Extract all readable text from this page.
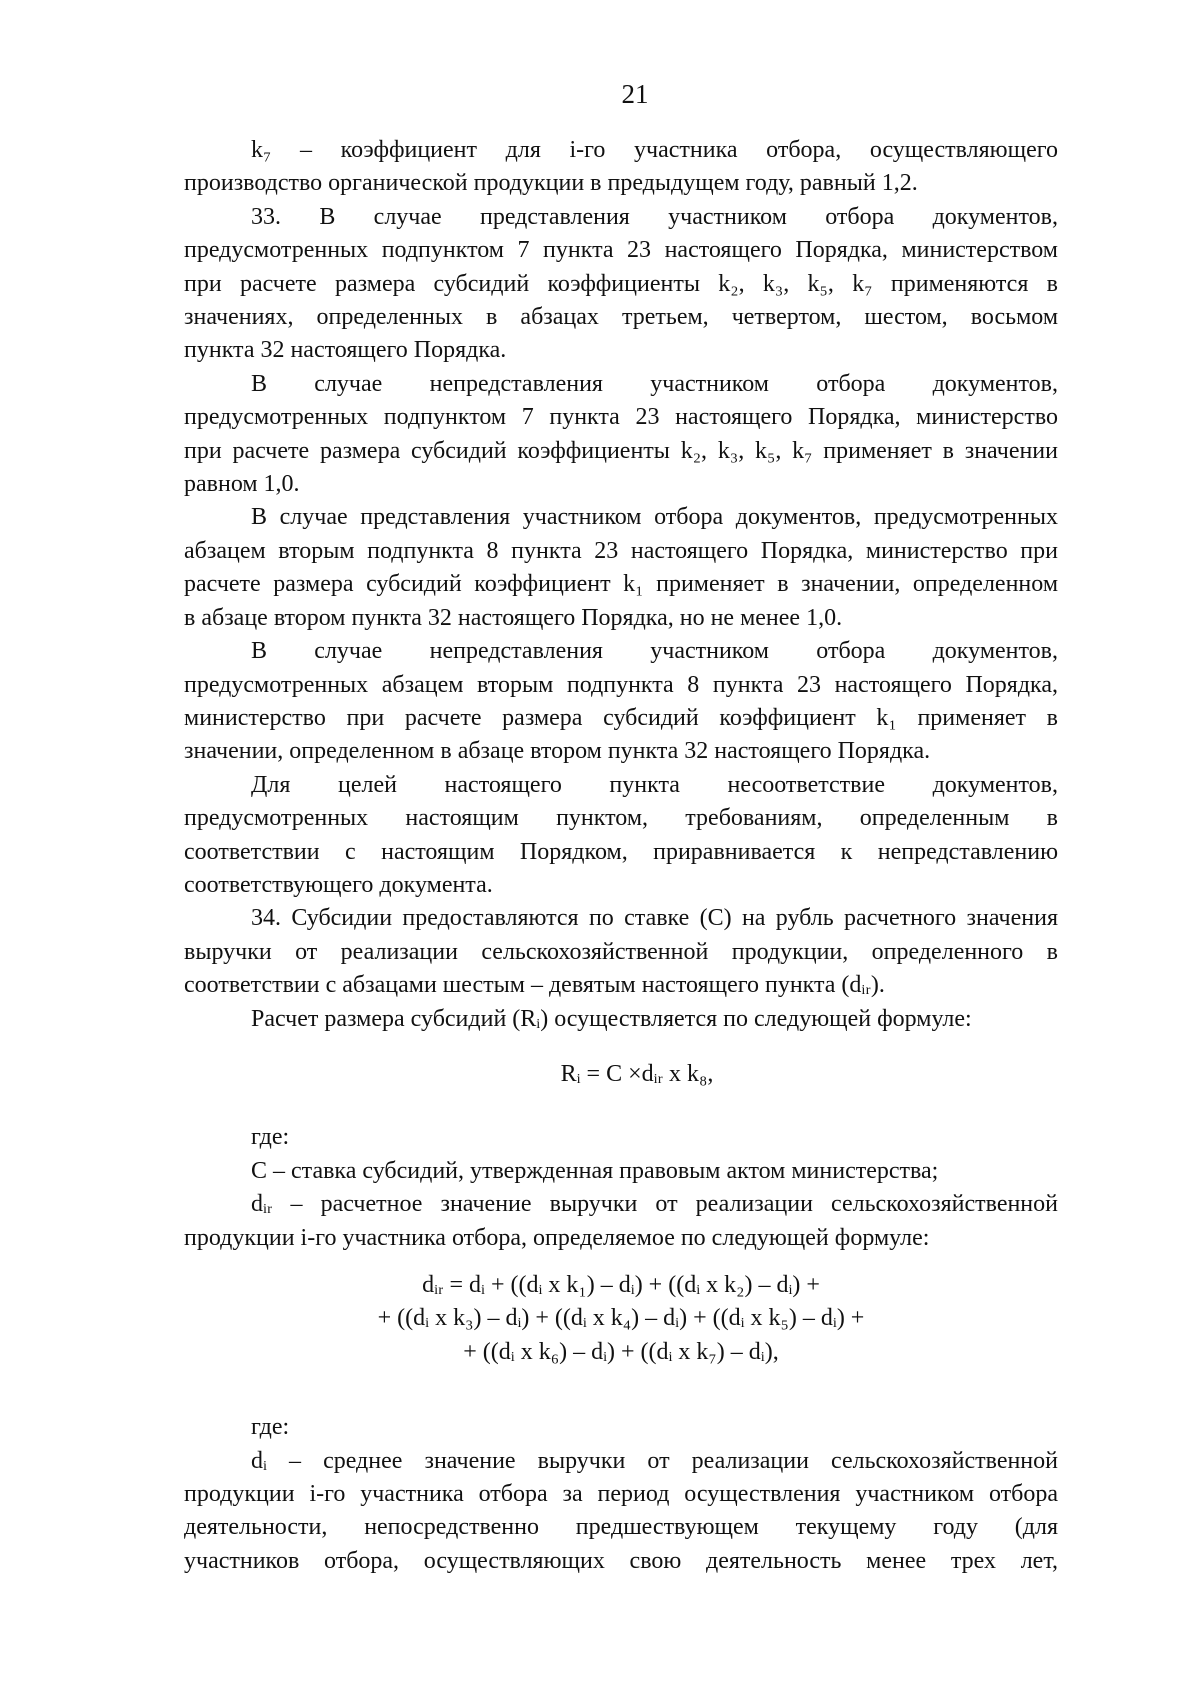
21
k₇ – коэффициент для i-го участника отбора, осуществляющего
производство органической продукции в предыдущем году, равный 1,2.
33. В случае представления участником отбора документов,
предусмотренных подпунктом 7 пункта 23 настоящего Порядка, министерством
при расчете размера субсидий коэффициенты k₂, k₃, k₅, k₇ применяются в
значениях, определенных в абзацах третьем, четвертом, шестом, восьмом
пункта 32 настоящего Порядка.
В случае непредставления участником отбора документов,
предусмотренных подпунктом 7 пункта 23 настоящего Порядка, министерство
при расчете размера субсидий коэффициенты k₂, k₃, k₅, k₇ применяет в значении
равном 1,0.
В случае представления участником отбора документов, предусмотренных
абзацем вторым подпункта 8 пункта 23 настоящего Порядка, министерство при
расчете размера субсидий коэффициент k₁ применяет в значении, определенном
в абзаце втором пункта 32 настоящего Порядка, но не менее 1,0.
В случае непредставления участником отбора документов,
предусмотренных абзацем вторым подпункта 8 пункта 23 настоящего Порядка,
министерство при расчете размера субсидий коэффициент k₁ применяет в
значении, определенном в абзаце втором пункта 32 настоящего Порядка.
Для целей настоящего пункта несоответствие документов,
предусмотренных настоящим пунктом, требованиям, определенным в
соответствии с настоящим Порядком, приравнивается к непредставлению
соответствующего документа.
34. Субсидии предоставляются по ставке (С) на рубль расчетного значения
выручки от реализации сельскохозяйственной продукции, определенного в
соответствии с абзацами шестым – девятым настоящего пункта (dᵢᵣ).
Расчет размера субсидий (Rᵢ) осуществляется по следующей формуле:
Rᵢ = С ×dᵢᵣ х k₈,
где:
С – ставка субсидий, утвержденная правовым актом министерства;
dᵢᵣ – расчетное значение выручки от реализации сельскохозяйственной
продукции i-го участника отбора, определяемое по следующей формуле:
dᵢᵣ = dᵢ + ((dᵢ х k₁) – dᵢ) + ((dᵢ х k₂) – dᵢ) +
+ ((dᵢ х k₃) – dᵢ) + ((dᵢ х k₄) – dᵢ) + ((dᵢ х k₅) – dᵢ) +
+ ((dᵢ х k₆) – dᵢ) + ((dᵢ х k₇) – dᵢ),
где:
dᵢ – среднее значение выручки от реализации сельскохозяйственной
продукции i-го участника отбора за период осуществления участником отбора
деятельности, непосредственно предшествующем текущему году (для
участников отбора, осуществляющих свою деятельность менее трех лет,
